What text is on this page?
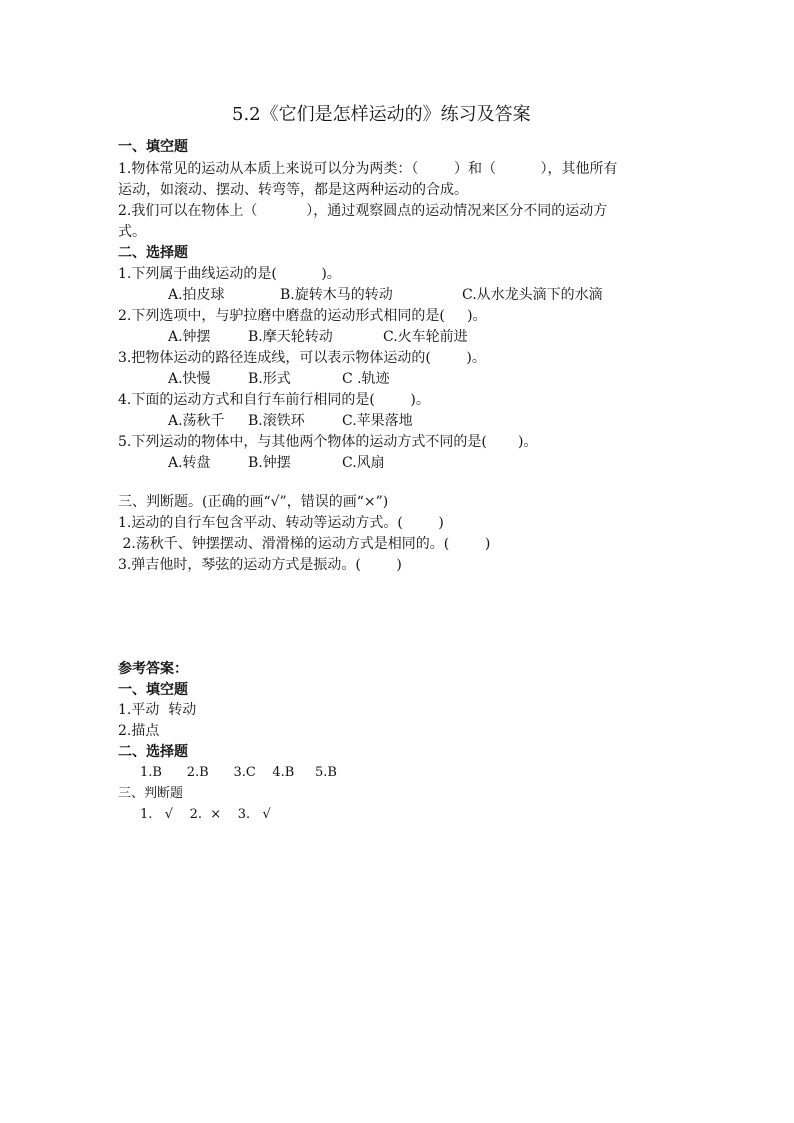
5.2《它们是怎样运动的》练习及答案
一、填空题
1.物体常见的运动从本质上来说可以分为两类：（        ）和（          ），其他所有
运动，如滚动、摆动、转弯等，都是这两种运动的合成。
2.我们可以在物体上（           ），通过观察圆点的运动情况来区分不同的运动方
式。
二、选择题
1.下列属于曲线运动的是(          )。
A.拍皮球	B.旋转木马的转动	C.从水龙头滴下的水滴
2.下列选项中，与驴拉磨中磨盘的运动形式相同的是(     )。
A.钟摆	B.摩天轮转动	C.火车轮前进
3.把物体运动的路径连成线，可以表示物体运动的(        )。
A.快慢	B.形式	C .轨迹
4.下面的运动方式和自行车前行相同的是(        )。
A.荡秋千 B.滚铁环	C.苹果落地
5.下列运动的物体中，与其他两个物体的运动方式不同的是(       )。
A.转盘	B.钟摆	C.风扇
三、判断题。(正确的画“√”，错误的画“×”)
1.运动的自行车包含平动、转动等运动方式。(        )
2.荡秋千、钟摆摆动、滑滑梯的运动方式是相同的。(        )
3.弹吉他时，琴弦的运动方式是振动。(        )
参考答案：
一、填空题
1.平动  转动
2.描点
二、选择题
1.B      2.B      3.C    4.B     5.B
三、判断题
1.   √    2.  ×    3.   √
